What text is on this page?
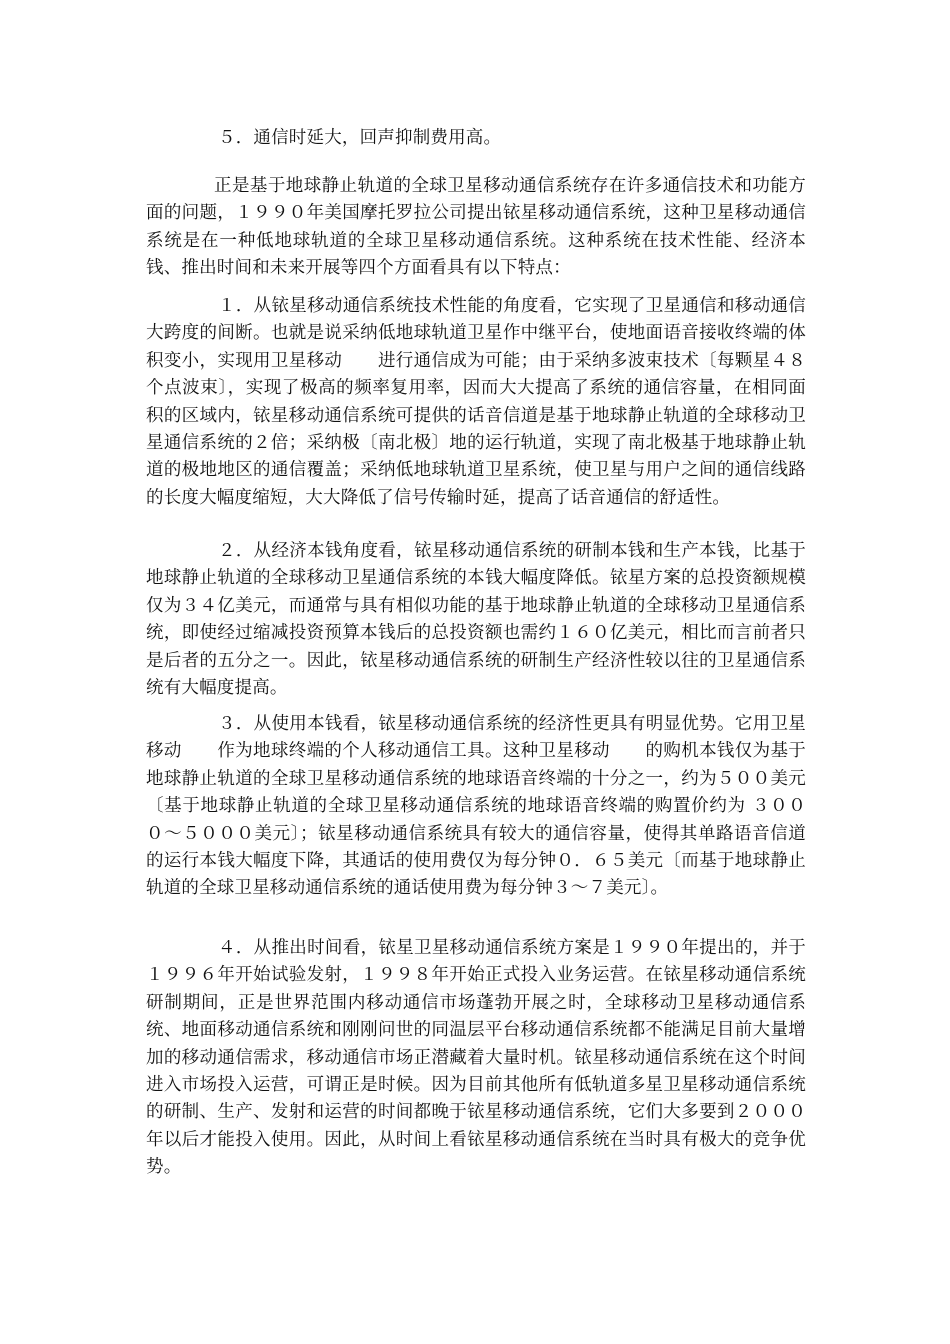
５．通信时延大，回声抑制费用高。

正是基于地球静止轨道的全球卫星移动通信系统存在许多通信技术和功能方面的问题，１９９０年美国摩托罗拉公司提出铱星移动通信系统，这种卫星移动通信系统是在一种低地球轨道的全球卫星移动通信系统。这种系统在技术性能、经济本钱、推出时间和未来开展等四个方面看具有以下特点：

１．从铱星移动通信系统技术性能的角度看，它实现了卫星通信和移动通信大跨度的间断。也就是说采纳低地球轨道卫星作中继平台，使地面语音接收终端的体积变小，实现用卫星移动　　进行通信成为可能；由于采纳多波束技术〔每颗星４８个点波束〕，实现了极高的频率复用率，因而大大提高了系统的通信容量，在相同面积的区域内，铱星移动通信系统可提供的话音信道是基于地球静止轨道的全球移动卫星通信系统的２倍；采纳极〔南北极〕地的运行轨道，实现了南北极基于地球静止轨道的极地地区的通信覆盖；采纳低地球轨道卫星系统，使卫星与用户之间的通信线路的长度大幅度缩短，大大降低了信号传输时延，提高了话音通信的舒适性。

２．从经济本钱角度看，铱星移动通信系统的研制本钱和生产本钱，比基于地球静止轨道的全球移动卫星通信系统的本钱大幅度降低。铱星方案的总投资额规模仅为３４亿美元，而通常与具有相似功能的基于地球静止轨道的全球移动卫星通信系统，即使经过缩减投资预算本钱后的总投资额也需约１６０亿美元，相比而言前者只是后者的五分之一。因此，铱星移动通信系统的研制生产经济性较以往的卫星通信系统有大幅度提高。

３．从使用本钱看，铱星移动通信系统的经济性更具有明显优势。它用卫星移动　　作为地球终端的个人移动通信工具。这种卫星移动　　的购机本钱仅为基于地球静止轨道的全球卫星移动通信系统的地球语音终端的十分之一，约为５００美元〔基于地球静止轨道的全球卫星移动通信系统的地球语音终端的购置价约为 ３０００～５０００美元〕；铱星移动通信系统具有较大的通信容量，使得其单路语音信道的运行本钱大幅度下降，其通话的使用费仅为每分钟０．６５美元〔而基于地球静止轨道的全球卫星移动通信系统的通话使用费为每分钟３～７美元〕。

４．从推出时间看，铱星卫星移动通信系统方案是１９９０年提出的，并于１９９６年开始试验发射，１９９８年开始正式投入业务运营。在铱星移动通信系统研制期间，正是世界范围内移动通信市场蓬勃开展之时，全球移动卫星移动通信系统、地面移动通信系统和刚刚问世的同温层平台移动通信系统都不能满足目前大量增加的移动通信需求，移动通信市场正潜藏着大量时机。铱星移动通信系统在这个时间进入市场投入运营，可谓正是时候。因为目前其他所有低轨道多星卫星移动通信系统的研制、生产、发射和运营的时间都晚于铱星移动通信系统，它们大多要到２０００年以后才能投入使用。因此，从时间上看铱星移动通信系统在当时具有极大的竞争优势。
